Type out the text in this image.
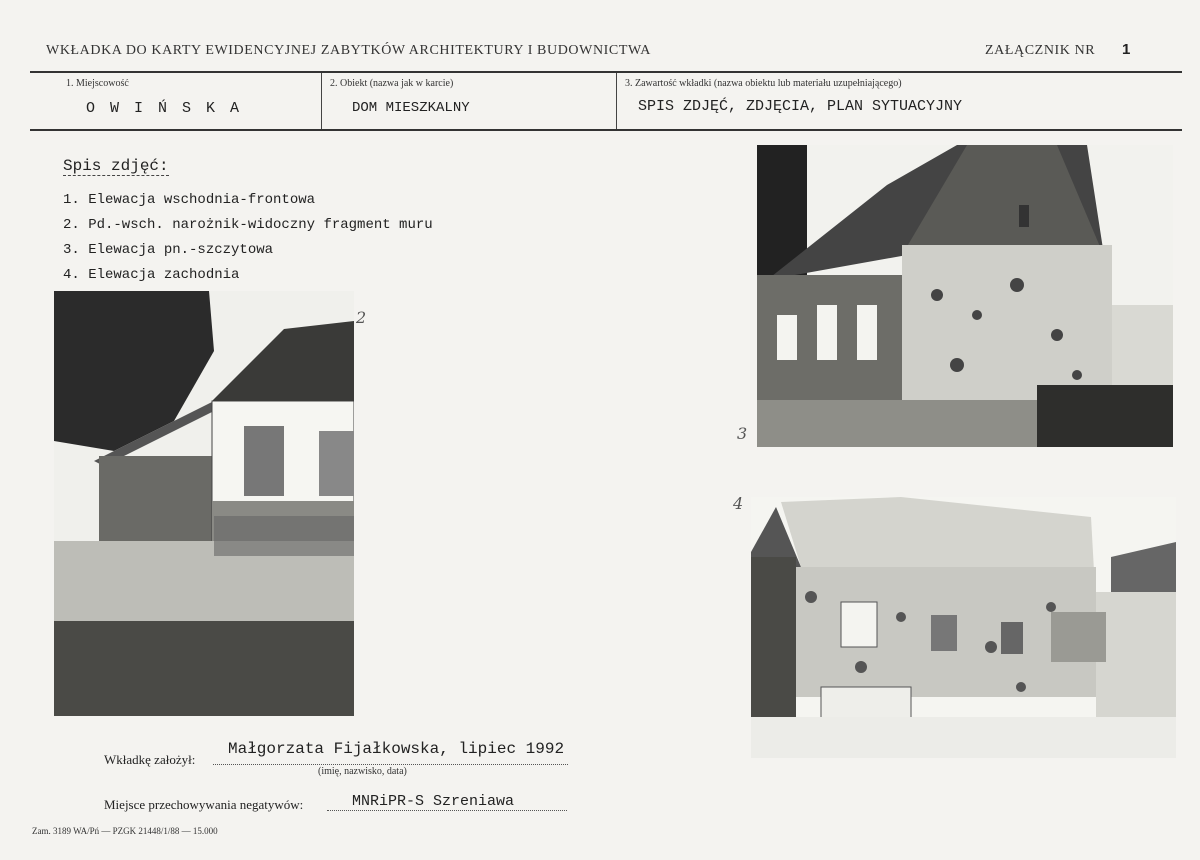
WKŁADKA DO KARTY EWIDENCYJNEJ ZABYTKÓW ARCHITEKTURY I BUDOWNICTWA	ZAŁĄCZNIK NR 1
1. Miejscowość
O W I Ń S K A
2. Obiekt (nazwa jak w karcie)
DOM MIESZKALNY
3. Zawartość wkładki (nazwa obiektu lub materiału uzupełniającego)
SPIS ZDJĘĆ, ZDJĘCIA, PLAN SYTUACYJNY
Spis zdjęć:
1. Elewacja wschodnia-frontowa
2. Pd.-wsch. narożnik-widoczny fragment muru
3. Elewacja pn.-szczytowa
4. Elewacja zachodnia
2
3
4
Wkładkę założył:
Małgorzata Fijałkowska, lipiec 1992
(imię, nazwisko, data)
Miejsce przechowywania negatywów:	MNRiPR-S Szreniawa
Zam. 3189 WA/Pń — PZGK 21448/1/88 — 15.000
